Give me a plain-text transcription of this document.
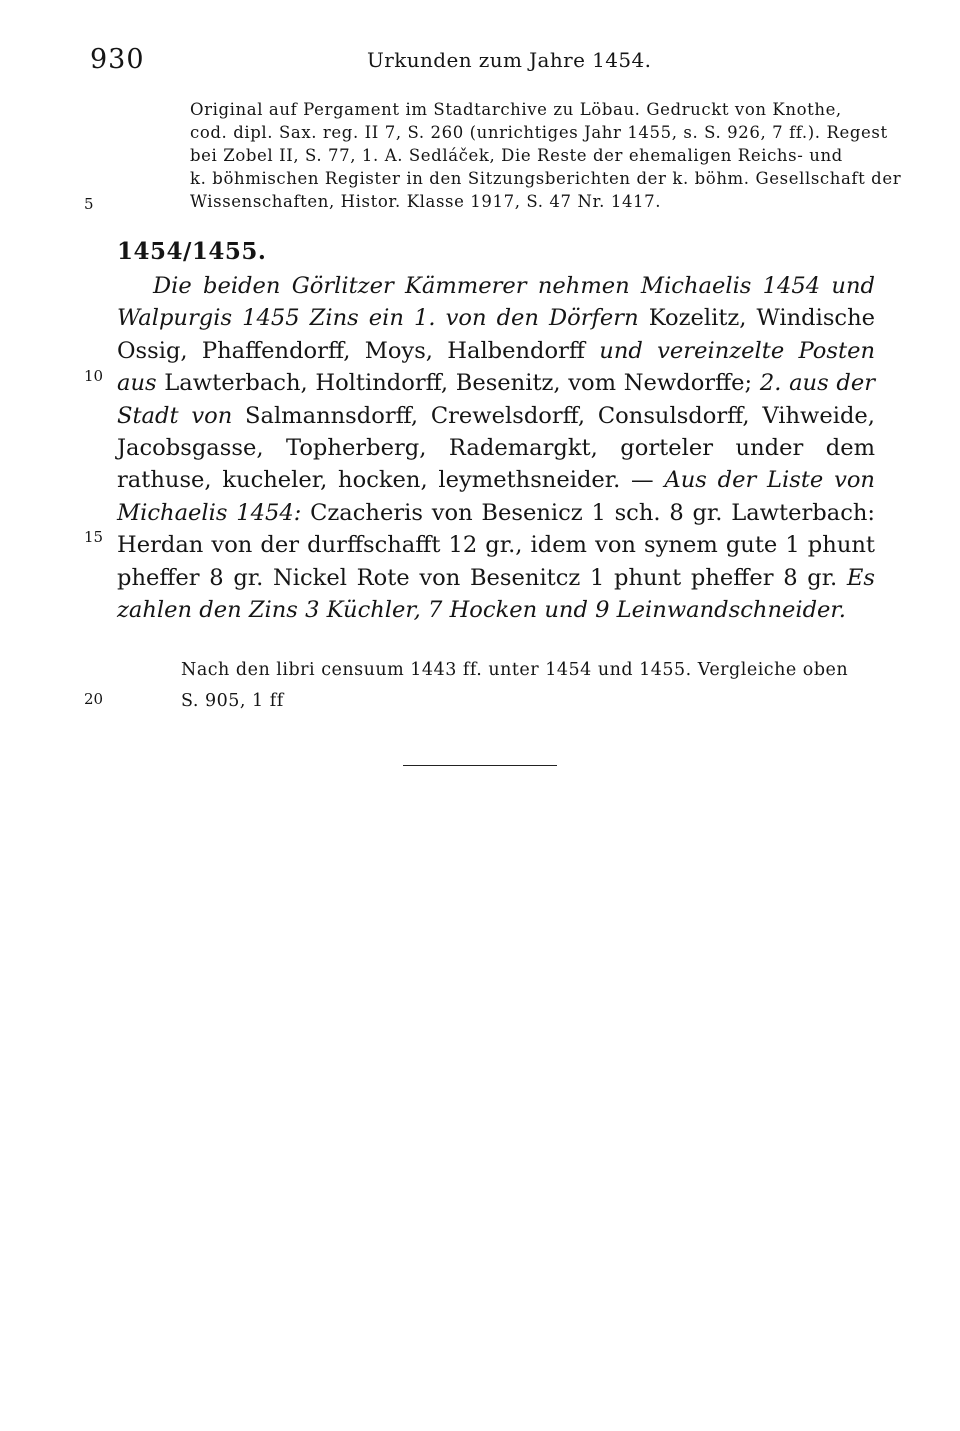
930	Urkunden zum Jahre 1454.
Original auf Pergament im Stadtarchive zu Löbau. Gedruckt von Knothe,
cod. dipl. Sax. reg. II 7, S. 260 (unrichtiges Jahr 1455, s. S. 926, 7 ff.). Regest
bei Zobel II, S. 77, 1. A. Sedláček, Die Reste der ehemaligen Reichs- und
k. böhmischen Register in den Sitzungsberichten der k. böhm. Gesellschaft der
Wissenschaften, Histor. Klasse 1917, S. 47 Nr. 1417.
5
10
15
20
1454/1455.
Die beiden Görlitzer Kämmerer nehmen Michaelis 1454 und Walpurgis 1455 Zins ein 1. von den Dörfern Kozelitz, Windische Ossig, Phaffendorff, Moys, Halbendorff und vereinzelte Posten aus Lawterbach, Holtindorff, Besenitz, vom Newdorffe; 2. aus der Stadt von Salmannsdorff, Crewelsdorff, Consulsdorff, Vihweide, Jacobsgasse, Topherberg, Rademargkt, gorteler under dem rathuse, kucheler, hocken, leymethsneider. — Aus der Liste von Michaelis 1454: Czacheris von Besenicz 1 sch. 8 gr. Lawterbach: Herdan von der durffschafft 12 gr., idem von synem gute 1 phunt pheffer 8 gr. Nickel Rote von Besenitcz 1 phunt pheffer 8 gr. Es zahlen den Zins 3 Küchler, 7 Hocken und 9 Leinwandschneider.
Nach den libri censuum 1443 ff. unter 1454 und 1455. Vergleiche oben
S. 905, 1 ff
